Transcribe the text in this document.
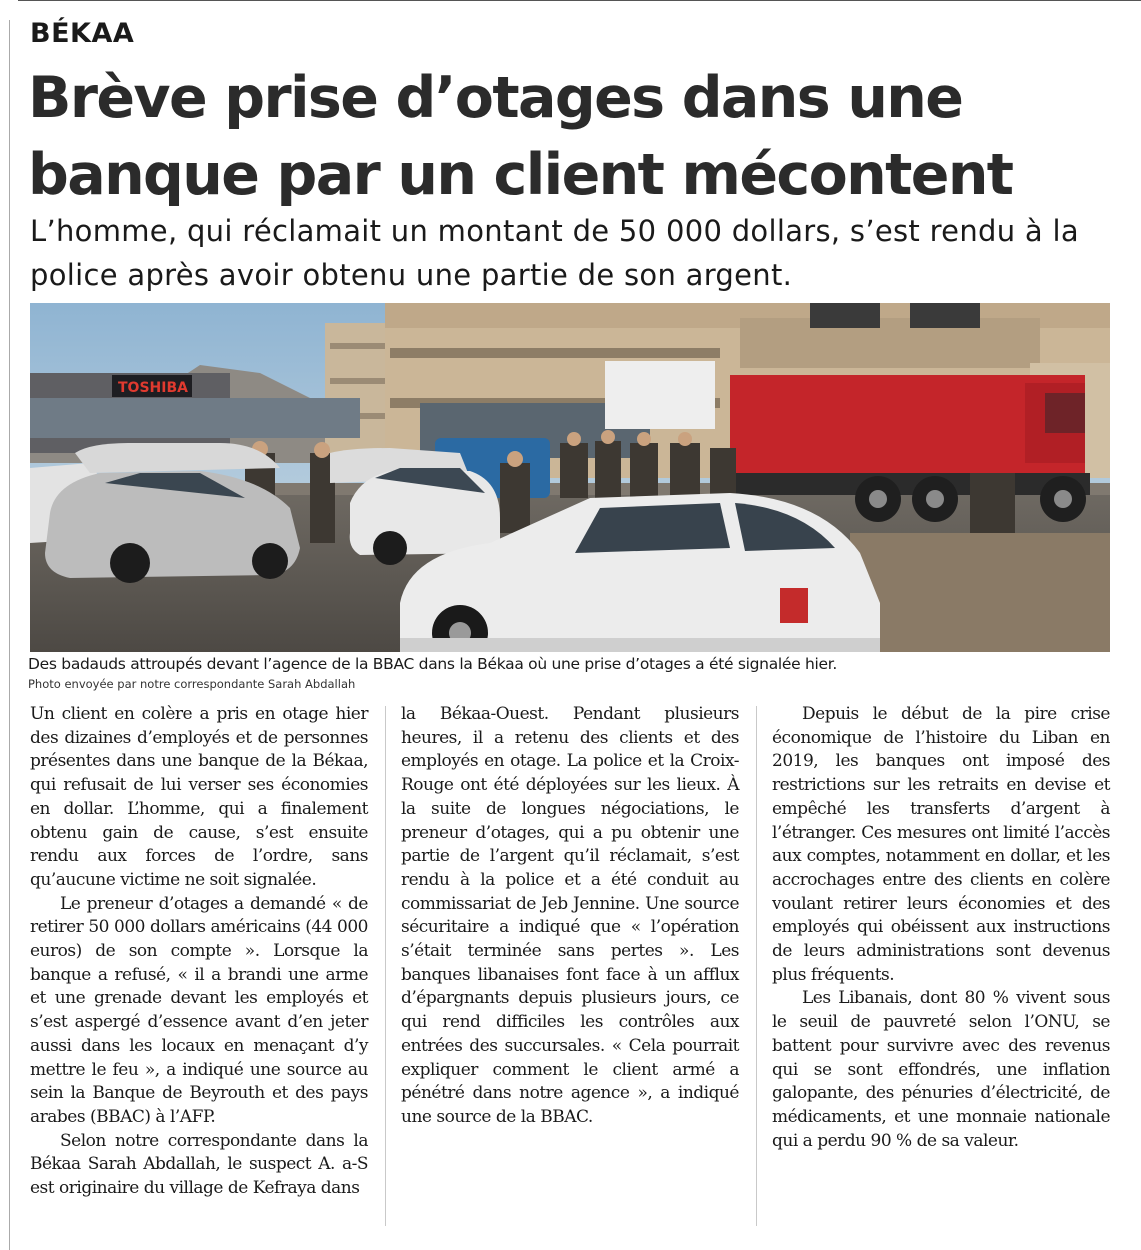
BÉKAA
Brève prise d’otages dans une banque par un client mécontent

L’homme, qui réclamait un montant de 50 000 dollars, s’est rendu à la police après avoir obtenu une partie de son argent.

TOSHIBA
Des badauds attroupés devant l’agence de la BBAC dans la Békaa où une prise d’otages a été signalée hier.
Photo envoyée par notre correspondante Sarah Abdallah

Un client en colère a pris en otage hier des dizaines d’employés et de personnes présentes dans une banque de la Békaa, qui refusait de lui verser ses économies en dollar. L’homme, qui a finalement obtenu gain de cause, s’est ensuite rendu aux forces de l’ordre, sans qu’aucune victime ne soit signalée.

Le preneur d’otages a demandé « de retirer 50 000 dollars américains (44 000 euros) de son compte ». Lorsque la banque a refusé, « il a brandi une arme et une grenade devant les employés et s’est aspergé d’essence avant d’en jeter aussi dans les locaux en menaçant d’y mettre le feu », a indiqué une source au sein la Banque de Beyrouth et des pays arabes (BBAC) à l’AFP.

Selon notre correspondante dans la Békaa Sarah Abdallah, le suspect A. a-S est originaire du village de Kefraya dans

la Békaa-Ouest. Pendant plusieurs heures, il a retenu des clients et des employés en otage. La police et la Croix-Rouge ont été déployées sur les lieux. À la suite de longues négociations, le preneur d’otages, qui a pu obtenir une partie de l’argent qu’il réclamait, s’est rendu à la police et a été conduit au commissariat de Jeb Jennine. Une source sécuritaire a indiqué que « l’opération s’était terminée sans pertes ». Les banques libanaises font face à un afflux d’épargnants depuis plusieurs jours, ce qui rend difficiles les contrôles aux entrées des succursales. « Cela pourrait expliquer comment le client armé a pénétré dans notre agence », a indiqué une source de la BBAC.

Depuis le début de la pire crise économique de l’histoire du Liban en 2019, les banques ont imposé des restrictions sur les retraits en devise et empêché les transferts d’argent à l’étranger. Ces mesures ont limité l’accès aux comptes, notamment en dollar, et les accrochages entre des clients en colère voulant retirer leurs économies et des employés qui obéissent aux instructions de leurs administrations sont devenus plus fréquents.

Les Libanais, dont 80 % vivent sous le seuil de pauvreté selon l’ONU, se battent pour survivre avec des revenus qui se sont effondrés, une inflation galopante, des pénuries d’électricité, de médicaments, et une monnaie nationale qui a perdu 90 % de sa valeur.
